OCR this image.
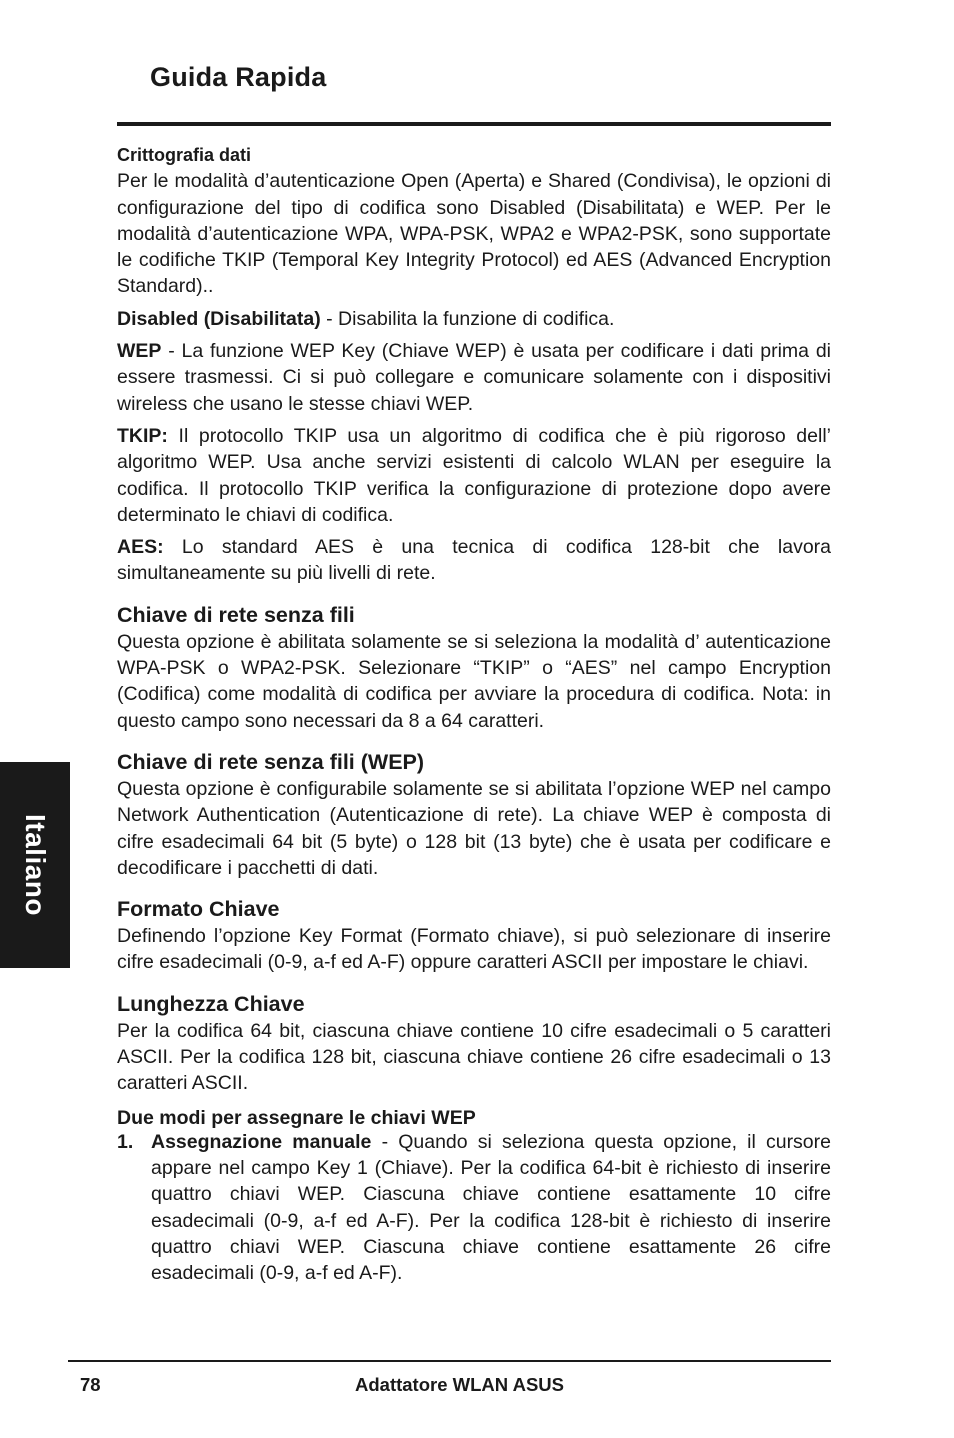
Guida Rapida
Italiano

Crittografia dati

Per le modalità d’autenticazione Open (Aperta) e Shared (Condivisa), le opzioni di configurazione del tipo di codifica sono Disabled (Disabilitata) e WEP. Per le modalità d’autenticazione WPA, WPA-PSK, WPA2 e WPA2-PSK, sono supportate le codifiche TKIP (Temporal Key Integrity Protocol) ed AES (Advanced Encryption Standard)..

Disabled (Disabilitata) - Disabilita la funzione di codifica.

WEP - La funzione WEP Key (Chiave WEP) è usata per codificare i dati prima di essere trasmessi. Ci si può collegare e comunicare solamente con i dispositivi wireless che usano le stesse chiavi WEP.

TKIP: Il protocollo TKIP usa un algoritmo di codifica che è più rigoroso dell’ algoritmo WEP. Usa anche servizi esistenti di calcolo WLAN per eseguire la codifica. Il protocollo TKIP verifica la configurazione di protezione dopo avere determinato le chiavi di codifica.

AES: Lo standard AES è una tecnica di codifica 128-bit che lavora simultaneamente su più livelli di rete.

Chiave di rete senza fili

Questa opzione è abilitata solamente se si seleziona la modalità d’ autenticazione WPA-PSK o WPA2-PSK. Selezionare “TKIP” o “AES” nel campo Encryption (Codifica) come modalità di codifica per avviare la procedura di codifica. Nota: in questo campo sono necessari da 8 a 64 caratteri.

Chiave di rete senza fili (WEP)

Questa opzione è configurabile solamente se si abilitata l’opzione WEP nel campo Network Authentication (Autenticazione di rete). La chiave WEP è composta di cifre esadecimali 64 bit (5 byte) o 128 bit (13 byte) che è usata per codificare e decodificare i pacchetti di dati.

Formato Chiave

Definendo l’opzione Key Format (Formato chiave), si può selezionare di inserire cifre esadecimali (0-9, a-f ed A-F) oppure caratteri ASCII per impostare le chiavi.

Lunghezza Chiave

Per la codifica 64 bit, ciascuna chiave contiene 10 cifre esadecimali o 5 caratteri ASCII. Per la codifica 128 bit, ciascuna chiave contiene 26 cifre esadecimali o 13 caratteri ASCII.

Due modi per assegnare le chiavi WEP
1. Assegnazione manuale - Quando si seleziona questa opzione, il cursore appare nel campo Key 1 (Chiave). Per la codifica 64-bit è richiesto di inserire quattro chiavi WEP. Ciascuna chiave contiene esattamente 10 cifre esadecimali (0-9, a-f ed A-F). Per la codifica 128-bit è richiesto di inserire quattro chiavi WEP. Ciascuna chiave contiene esattamente 26 cifre esadecimali (0-9, a-f ed A-F).
78	Adattatore WLAN ASUS
